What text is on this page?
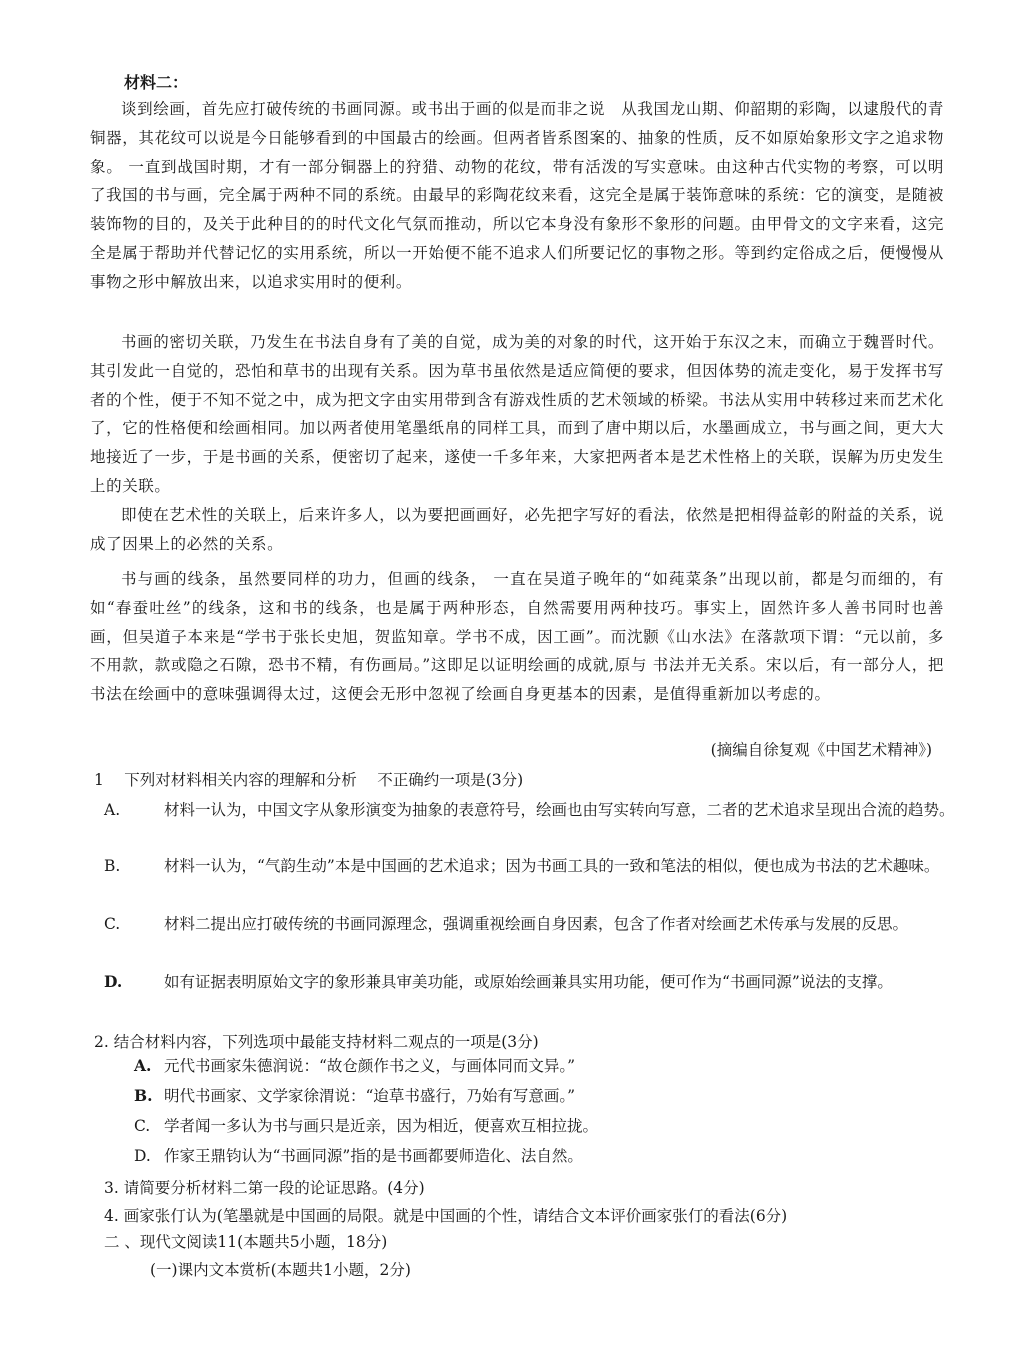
材料二：

谈到绘画，首先应打破传统的书画同源。或书出于画的似是而非之说　从我国龙山期、仰韶期的彩陶，以逮殷代的青铜器，其花纹可以说是今日能够看到的中国最古的绘画。但两者皆系图案的、抽象的性质，反不如原始象形文字之追求物象。 一直到战国时期，才有一部分铜器上的狩猎、动物的花纹，带有活泼的写实意味。由这种古代实物的考察，可以明了我国的书与画，完全属于两种不同的系统。由最早的彩陶花纹来看，这完全是属于装饰意味的系统：它的演变，是随被装饰物的目的，及关于此种目的的时代文化气氛而推动，所以它本身没有象形不象形的问题。由甲骨文的文字来看，这完全是属于帮助并代替记忆的实用系统，所以一开始便不能不追求人们所要记忆的事物之形。等到约定俗成之后，便慢慢从事物之形中解放出来，以追求实用时的便利。

书画的密切关联，乃发生在书法自身有了美的自觉，成为美的对象的时代，这开始于东汉之末，而确立于魏晋时代。其引发此一自觉的，恐怕和草书的出现有关系。因为草书虽依然是适应简便的要求，但因体势的流走变化，易于发挥书写者的个性，便于不知不觉之中，成为把文字由实用带到含有游戏性质的艺术领域的桥梁。书法从实用中转移过来而艺术化了，它的性格便和绘画相同。加以两者使用笔墨纸帛的同样工具，而到了唐中期以后，水墨画成立，书与画之间，更大大地接近了一步，于是书画的关系，便密切了起来，遂使一千多年来，大家把两者本是艺术性格上的关联，误解为历史发生上的关联。

即使在艺术性的关联上，后来许多人，以为要把画画好，必先把字写好的看法，依然是把相得益彰的附益的关系，说成了因果上的必然的关系。

书与画的线条，虽然要同样的功力，但画的线条， 一直在吴道子晚年的“如莼菜条”出现以前，都是匀而细的，有如“春蚕吐丝”的线条，这和书的线条，也是属于两种形态，自然需要用两种技巧。事实上，固然许多人善书同时也善画，但吴道子本来是“学书于张长史旭，贺监知章。学书不成，因工画”。而沈颢《山水法》在落款项下谓：“元以前，多不用款，款或隐之石隙，恐书不精，有伤画局。”这即足以证明绘画的成就,原与 书法并无关系。宋以后，有一部分人，把书法在绘画中的意味强调得太过，这便会无形中忽视了绘画自身更基本的因素，是值得重新加以考虑的。

(摘编自徐复观《中国艺术精神》)
1　 下列对材料相关内容的理解和分析　 不正确约一项是(3分)
A.	材料一认为，中国文字从象形演变为抽象的表意符号，绘画也由写实转向写意，二者的艺术追求呈现出合流的趋势。
B.	材料一认为，“气韵生动”本是中国画的艺术追求；因为书画工具的一致和笔法的相似，便也成为书法的艺术趣味。
C.	材料二提出应打破传统的书画同源理念，强调重视绘画自身因素，包含了作者对绘画艺术传承与发展的反思。
D.	如有证据表明原始文字的象形兼具审美功能，或原始绘画兼具实用功能，便可作为“书画同源”说法的支撑。
2. 结合材料内容，下列选项中最能支持材料二观点的一项是(3分)
A. 元代书画家朱德润说：“故仓颜作书之义，与画体同而文异。”
B. 明代书画家、文学家徐渭说：“迨草书盛行，乃始有写意画。”
C. 学者闻一多认为书与画只是近亲，因为相近，便喜欢互相拉拢。
D. 作家王鼎钧认为“书画同源”指的是书画都要师造化、法自然。
3. 请简要分析材料二第一段的论证思路。(4分)
4. 画家张仃认为(笔墨就是中国画的局限。就是中国画的个性，请结合文本评价画家张仃的看法(6分)
二 、现代文阅读11(本题共5小题，18分)
(一)课内文本赏析(本题共1小题，2分)
